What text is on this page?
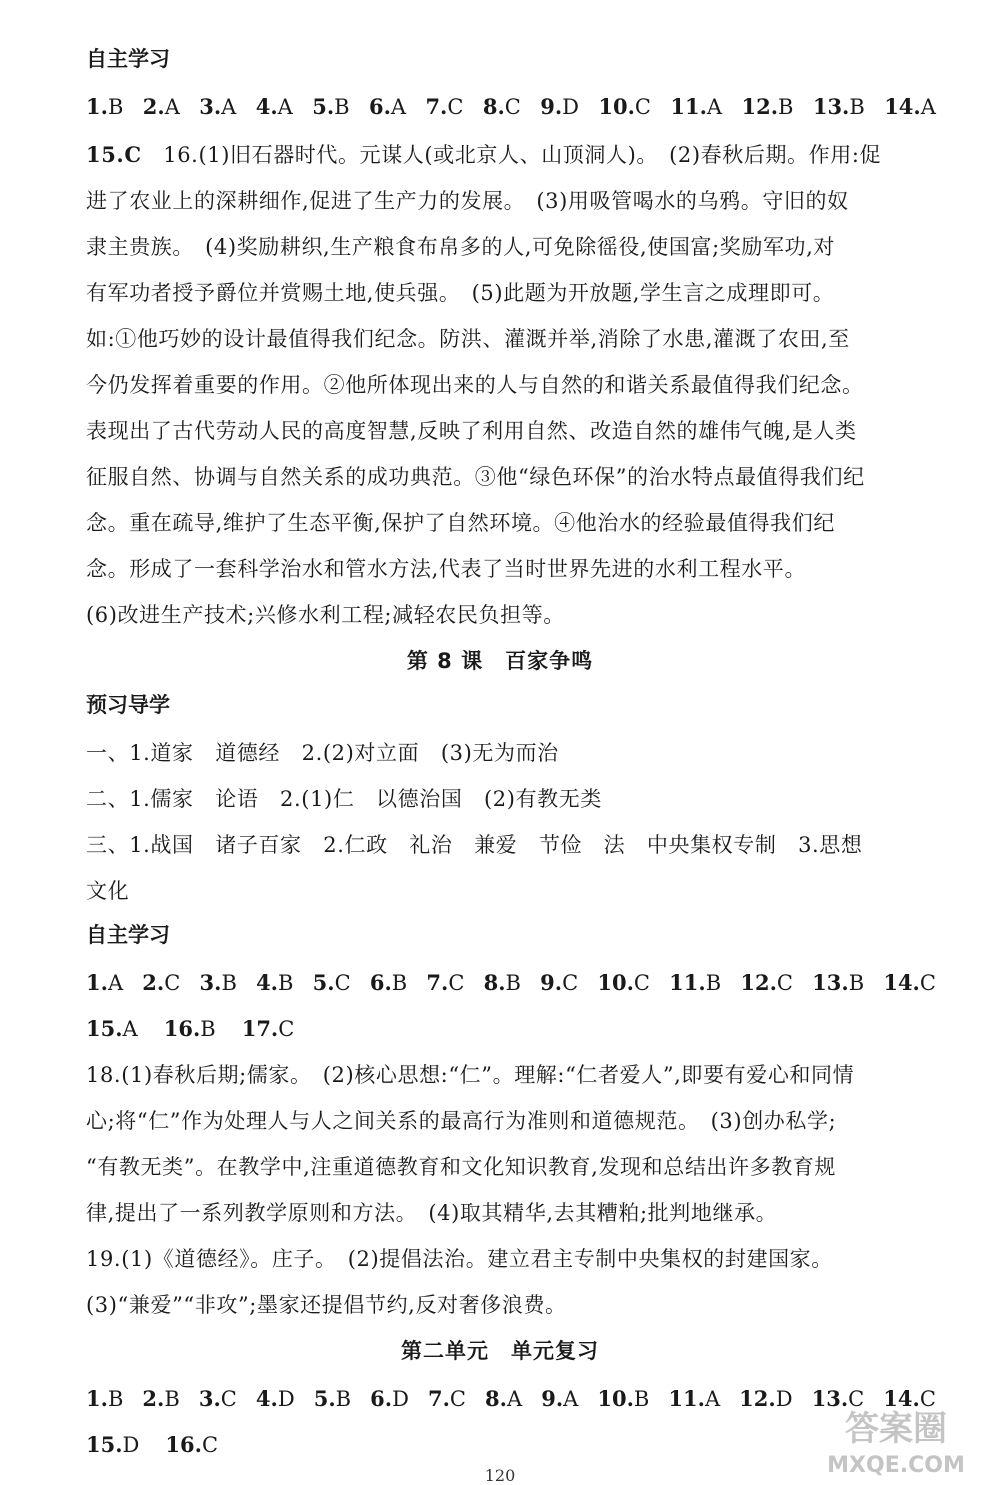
自主学习
1.B 2.A 3.A 4.A 5.B 6.A 7.C 8.C 9.D 10.C 11.A 12.B 13.B 14.A
15.C　 16.(1)旧石器时代。元谋人(或北京人、山顶洞人)。　(2)春秋后期。作用:促
进了农业上的深耕细作,促进了生产力的发展。　(3)用吸管喝水的乌鸦。守旧的奴
隶主贵族。　(4)奖励耕织,生产粮食布帛多的人,可免除徭役,使国富;奖励军功,对
有军功者授予爵位并赏赐土地,使兵强。　(5)此题为开放题,学生言之成理即可。
如:①他巧妙的设计最值得我们纪念。防洪、灌溉并举,消除了水患,灌溉了农田,至
今仍发挥着重要的作用。②他所体现出来的人与自然的和谐关系最值得我们纪念。
表现出了古代劳动人民的高度智慧,反映了利用自然、改造自然的雄伟气魄,是人类
征服自然、协调与自然关系的成功典范。③他“绿色环保”的治水特点最值得我们纪
念。重在疏导,维护了生态平衡,保护了自然环境。④他治水的经验最值得我们纪
念。形成了一套科学治水和管水方法,代表了当时世界先进的水利工程水平。
(6)改进生产技术;兴修水利工程;减轻农民负担等。
第 8 课　百家争鸣
预习导学
一、1.道家　道德经　2.(2)对立面　(3)无为而治
二、1.儒家　论语　2.(1)仁　以德治国　(2)有教无类
三、1.战国　诸子百家　2.仁政　礼治　兼爱　节俭　法　中央集权专制　3.思想
文化
自主学习
1.A 2.C 3.B 4.B 5.C 6.B 7.C 8.B 9.C 10.C 11.B 12.C 13.B 14.C
15.A 16.B 17.C
18.(1)春秋后期;儒家。　(2)核心思想:“仁”。理解:“仁者爱人”,即要有爱心和同情
心;将“仁”作为处理人与人之间关系的最高行为准则和道德规范。　(3)创办私学;
“有教无类”。在教学中,注重道德教育和文化知识教育,发现和总结出许多教育规
律,提出了一系列教学原则和方法。　(4)取其精华,去其糟粕;批判地继承。
19.(1)《道德经》。庄子。　(2)提倡法治。建立君主专制中央集权的封建国家。
(3)“兼爱”“非攻”;墨家还提倡节约,反对奢侈浪费。
第二单元　单元复习
1.B 2.B 3.C 4.D 5.B 6.D 7.C 8.A 9.A 10.B 11.A 12.D 13.C 14.C
15.D 16.C
120
答案圈
MXQE.COM
